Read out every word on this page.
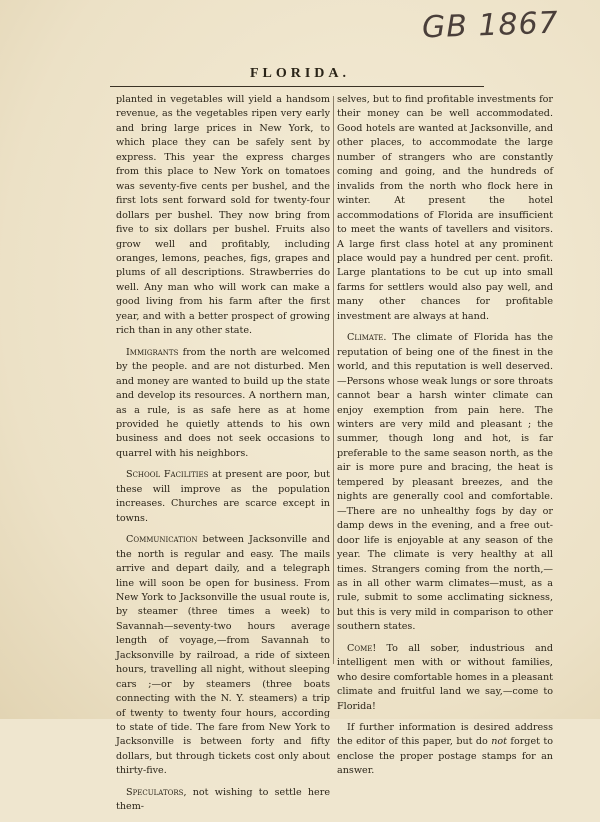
GB 1867
FLORIDA.

planted in vegetables will yield a handsom revenue, as the vegetables ripen very early and bring large prices in New York, to which place they can be safely sent by express. This year the express charges from this place to New York on tomatoes was seventy-five cents per bushel, and the first lots sent forward sold for twenty-four dollars per bushel. They now bring from five to six dollars per bushel. Fruits also grow well and profitably, including oranges, lemons, peaches, figs, grapes and plums of all descriptions. Strawberries do well. Any man who will work can make a good living from his farm after the first year, and with a better prospect of growing rich than in any other state.

Immigrants from the north are welcomed by the people. and are not disturbed. Men and money are wanted to build up the state and develop its resources. A northern man, as a rule, is as safe here as at home provided he quietly attends to his own business and does not seek occasions to quarrel with his neighbors.

School Facilities at present are poor, but these will improve as the population increases. Churches are scarce except in towns.

Communication between Jacksonville and the north is regular and easy. The mails arrive and depart daily, and a telegraph line will soon be open for business. From New York to Jacksonville the usual route is, by steamer (three times a week) to Savannah—seventy-two hours average length of voyage,—from Savannah to Jacksonville by railroad, a ride of sixteen hours, travelling all night, without sleeping cars ;—or by steamers (three boats connecting with the N. Y. steamers) a trip of twenty to twenty four hours, according to state of tide. The fare from New York to Jacksonville is between forty and fifty dollars, but through tickets cost only about thirty-five.

Speculators, not wishing to settle here them-

selves, but to find profitable investments for their money can be well accommodated. Good hotels are wanted at Jacksonville, and other places, to accommodate the large number of strangers who are constantly coming and going, and the hundreds of invalids from the north who flock here in winter. At present the hotel accommodations of Florida are insufficient to meet the wants of tavellers and visitors. A large first class hotel at any prominent place would pay a hundred per cent. profit. Large plantations to be cut up into small farms for settlers would also pay well, and many other chances for profitable investment are always at hand.

Climate. The climate of Florida has the reputation of being one of the finest in the world, and this reputation is well deserved.—Persons whose weak lungs or sore throats cannot bear a harsh winter climate can enjoy exemption from pain here. The winters are very mild and pleasant ; the summer, though long and hot, is far preferable to the same season north, as the air is more pure and bracing, the heat is tempered by pleasant breezes, and the nights are generally cool and comfortable.—There are no unhealthy fogs by day or damp dews in the evening, and a free out-door life is enjoyable at any season of the year. The climate is very healthy at all times. Strangers coming from the north,—as in all other warm climates—must, as a rule, submit to some acclimating sickness, but this is very mild in comparison to other southern states.

Come! To all sober, industrious and intelligent men with or without families, who desire comfortable homes in a pleasant climate and fruitful land we say,—come to Florida!

If further information is desired address the editor of this paper, but do not forget to enclose the proper postage stamps for an answer.
